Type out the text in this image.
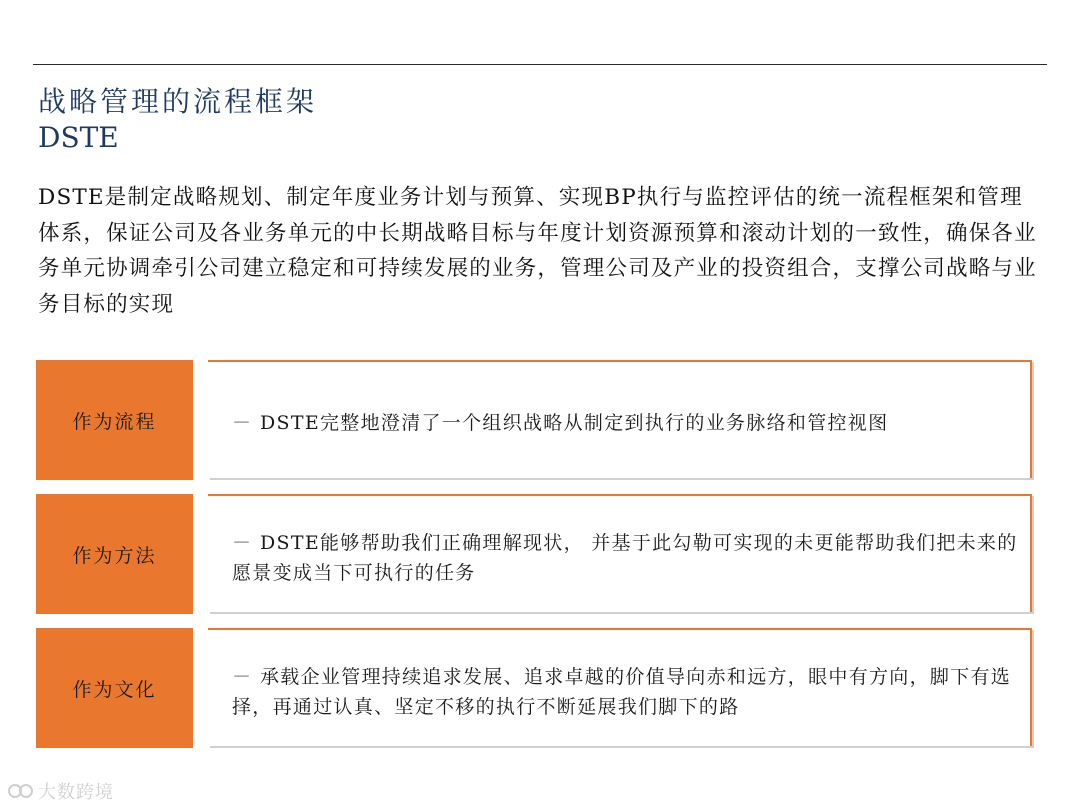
战略管理的流程框架
DSTE
DSTE是制定战略规划、制定年度业务计划与预算、实现BP执行与监控评估的统一流程框架和管理体系，保证公司及各业务单元的中长期战略目标与年度计划资源预算和滚动计划的一致性，确保各业务单元协调牵引公司建立稳定和可持续发展的业务，管理公司及产业的投资组合，支撑公司战略与业务目标的实现
作为流程	－ DSTE完整地澄清了一个组织战略从制定到执行的业务脉络和管控视图
作为方法
－ DSTE能够帮助我们正确理解现状， 并基于此勾勒可实现的未更能帮助我们把未来的愿景变成当下可执行的任务
作为文化
－ 承载企业管理持续追求发展、追求卓越的价值导向赤和远方，眼中有方向，脚下有选择，再通过认真、坚定不移的执行不断延展我们脚下的路
大数跨境
